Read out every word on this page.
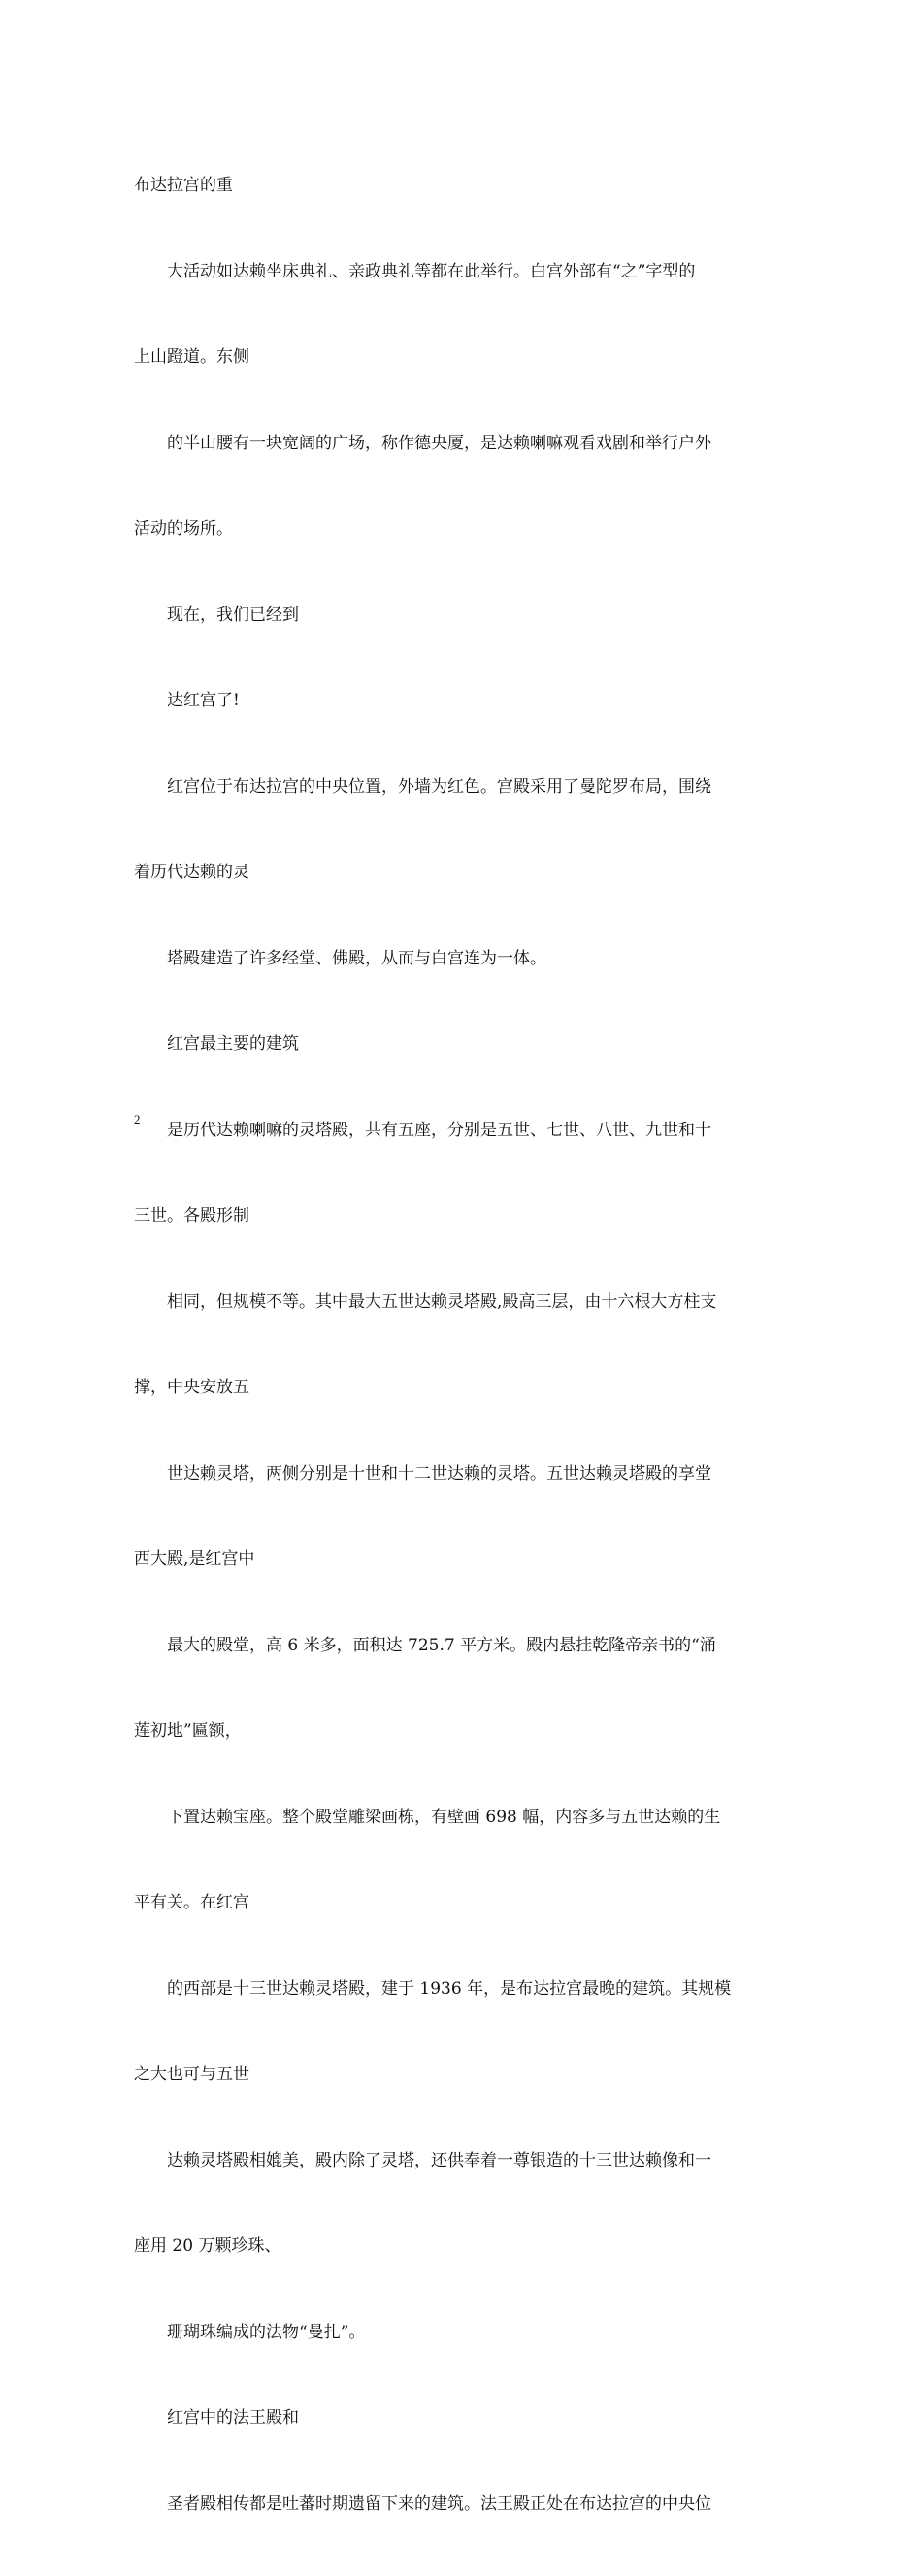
布达拉宫的重

大活动如达赖坐床典礼、亲政典礼等都在此举行。白宫外部有“之”字型的

上山蹬道。东侧

的半山腰有一块宽阔的广场，称作德央厦，是达赖喇嘛观看戏剧和举行户外

活动的场所。

现在，我们已经到

达红宫了!

红宫位于布达拉宫的中央位置，外墙为红色。宫殿采用了曼陀罗布局，围绕

着历代达赖的灵

塔殿建造了许多经堂、佛殿，从而与白宫连为一体。

红宫最主要的建筑

是历代达赖喇嘛的灵塔殿，共有五座，分别是五世、七世、八世、九世和十

三世。各殿形制

相同，但规模不等。其中最大五世达赖灵塔殿,殿高三层，由十六根大方柱支

撑，中央安放五

世达赖灵塔，两侧分别是十世和十二世达赖的灵塔。五世达赖灵塔殿的享堂

西大殿,是红宫中

最大的殿堂，高 6 米多，面积达 725.7 平方米。殿内悬挂乾隆帝亲书的“涌

莲初地”匾额，

下置达赖宝座。整个殿堂雕梁画栋，有壁画 698 幅，内容多与五世达赖的生

平有关。在红宫

的西部是十三世达赖灵塔殿，建于 1936 年，是布达拉宫最晚的建筑。其规模

之大也可与五世

达赖灵塔殿相媲美，殿内除了灵塔，还供奉着一尊银造的十三世达赖像和一

座用 20 万颗珍珠、

珊瑚珠编成的法物“曼扎”。

红宫中的法王殿和

圣者殿相传都是吐蕃时期遗留下来的建筑。法王殿正处在布达拉宫的中央位

2
